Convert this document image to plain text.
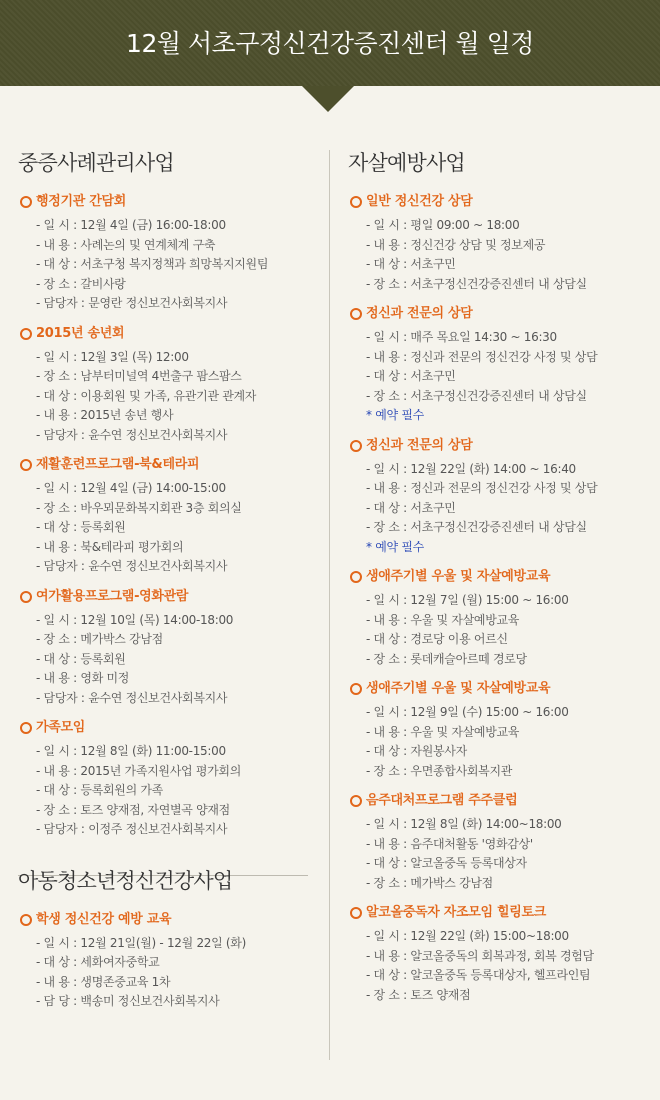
12월 서초구정신건강증진센터 월 일정
중증사례관리사업
행정기관 간담회
- 일 시 : 12월 4일 (금) 16:00-18:00
- 내 용 : 사례논의 및 연계체계 구축
- 대 상 : 서초구청 복지정책과 희망복지지원팀
- 장 소 : 갈비사랑
- 담당자 : 문영란 정신보건사회복지사
2015년 송년회
- 일 시 : 12월 3일 (목) 12:00
- 장 소 : 남부터미널역 4번출구 팜스팜스
- 대 상 : 이용회원 및 가족, 유관기관 관계자
- 내 용 : 2015년 송년 행사
- 담당자 : 윤수연 정신보건사회복지사
재활훈련프로그램-북&테라피
- 일 시 : 12월 4일 (금) 14:00-15:00
- 장 소 : 바우뫼문화복지회관 3층 회의실
- 대 상 : 등록회원
- 내 용 : 북&테라피 평가회의
- 담당자 : 윤수연 정신보건사회복지사
여가활용프로그램-영화관람
- 일 시 : 12월 10일 (목) 14:00-18:00
- 장 소 : 메가박스 강남점
- 대 상 : 등록회원
- 내 용 : 영화 미정
- 담당자 : 윤수연 정신보건사회복지사
가족모임
- 일 시 : 12월 8일 (화) 11:00-15:00
- 내 용 : 2015년 가족지원사업 평가회의
- 대 상 : 등록회원의 가족
- 장 소 : 토즈 양재점, 자연별곡 양재점
- 담당자 : 이정주 정신보건사회복지사
아동청소년정신건강사업
학생 정신건강 예방 교육
- 일 시 : 12월 21일(월) - 12월 22일 (화)
- 대 상 : 세화여자중학교
- 내 용 : 생명존중교육 1차
- 담 당 : 백송미 정신보건사회복지사
자살예방사업
일반 정신건강 상담
- 일 시 : 평일 09:00 ~ 18:00
- 내 용 : 정신건강 상담 및 정보제공
- 대 상 : 서초구민
- 장 소 : 서초구정신건강증진센터 내 상담실
정신과 전문의 상담
- 일 시 : 매주 목요일 14:30 ~ 16:30
- 내 용 : 정신과 전문의 정신건강 사정 및 상담
- 대 상 : 서초구민
- 장 소 : 서초구정신건강증진센터 내 상담실
* 예약 필수
정신과 전문의 상담
- 일 시 : 12월 22일 (화) 14:00 ~ 16:40
- 내 용 : 정신과 전문의 정신건강 사정 및 상담
- 대 상 : 서초구민
- 장 소 : 서초구정신건강증진센터 내 상담실
* 예약 필수
생애주기별 우울 및 자살예방교육
- 일 시 : 12월 7일 (월) 15:00 ~ 16:00
- 내 용 : 우울 및 자살예방교육
- 대 상 : 경로당 이용 어르신
- 장 소 : 롯데캐슬아르떼 경로당
생애주기별 우울 및 자살예방교육
- 일 시 : 12월 9일 (수) 15:00 ~ 16:00
- 내 용 : 우울 및 자살예방교육
- 대 상 : 자원봉사자
- 장 소 : 우면종합사회복지관
음주대처프로그램 주주클럽
- 일 시 : 12월 8일 (화) 14:00~18:00
- 내 용 : 음주대처활동 '영화감상'
- 대 상 : 알코올중독 등록대상자
- 장 소 : 메가박스 강남점
알코올중독자 자조모임 힐링토크
- 일 시 : 12월 22일 (화) 15:00~18:00
- 내 용 : 알코올중독의 회복과정, 회복 경험담
- 대 상 : 알코올중독 등록대상자, 헬프라인팀
- 장 소 : 토즈 양재점
